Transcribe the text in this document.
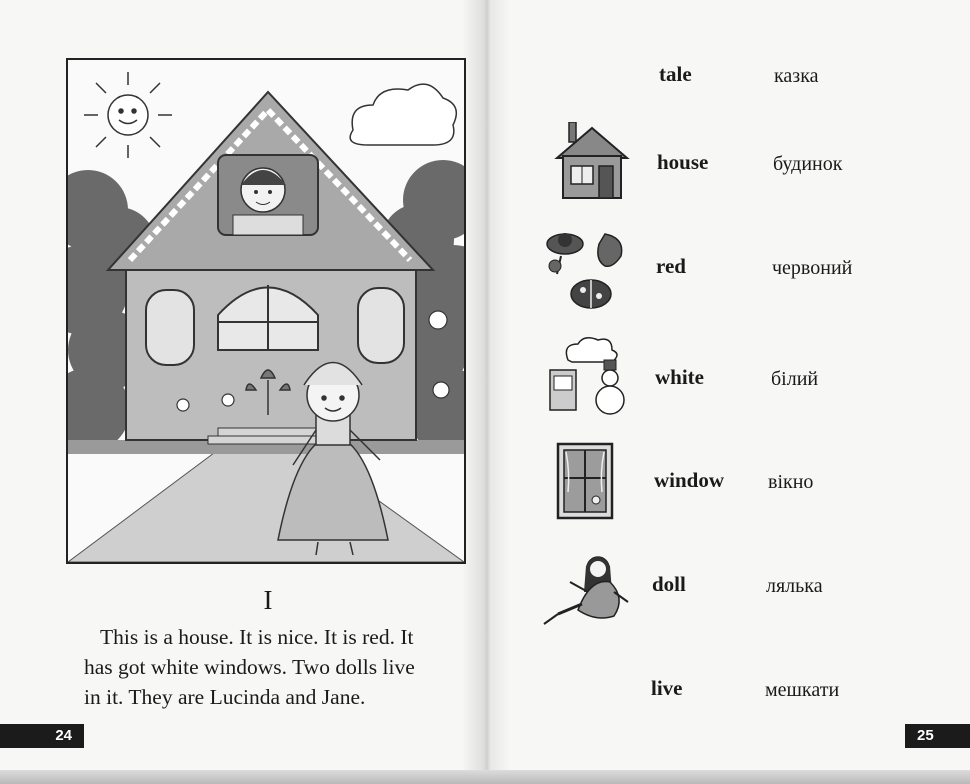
I

This is a house. It is nice. It is red. It
has got white windows. Two dolls live
in it. They are Lucinda and Jane.

24	25
tale	казка
house	будинок
red	червоний
white	білий
window вікно
doll	лялька
live	мешкати
